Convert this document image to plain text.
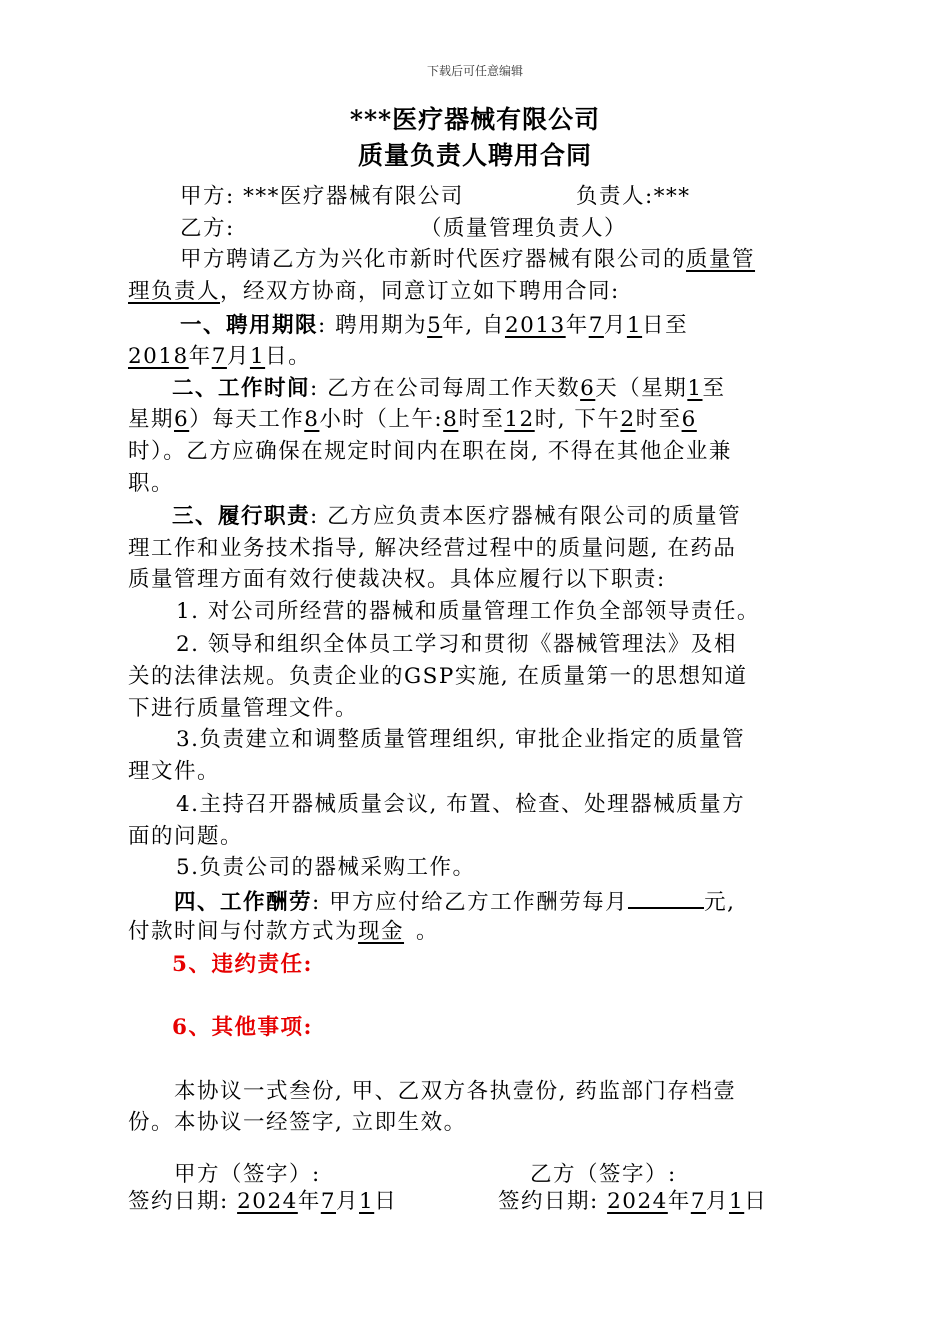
下载后可任意编辑
***医疗器械有限公司
质量负责人聘用合同
甲方: ***医疗器械有限公司	负责人:***
乙方:	（质量管理负责人）
甲方聘请乙方为兴化市新时代医疗器械有限公司的质量管
理负责人，经双方协商，同意订立如下聘用合同:
一、聘用期限: 聘用期为5年, 自2013年7月1日至
2018年7月1日。
二、工作时间: 乙方在公司每周工作天数6天（星期1至
星期6）每天工作8小时（上午:8时至12时, 下午2时至6
时）。乙方应确保在规定时间内在职在岗, 不得在其他企业兼
职。
三、履行职责: 乙方应负责本医疗器械有限公司的质量管
理工作和业务技术指导, 解决经营过程中的质量问题, 在药品
质量管理方面有效行使裁决权。具体应履行以下职责:
1. 对公司所经营的器械和质量管理工作负全部领导责任。
2. 领导和组织全体员工学习和贯彻《器械管理法》及相
关的法律法规。负责企业的GSP实施, 在质量第一的思想知道
下进行质量管理文件。
3.负责建立和调整质量管理组织, 审批企业指定的质量管
理文件。
4.主持召开器械质量会议, 布置、检查、处理器械质量方
面的问题。
5.负责公司的器械采购工作。
四、工作酬劳: 甲方应付给乙方工作酬劳每月	元,
付款时间与付款方式为现金 。
5、违约责任:
6、其他事项:
本协议一式叁份, 甲、乙双方各执壹份, 药监部门存档壹
份。本协议一经签字, 立即生效。
甲方（签字）:	乙方（签字）:
签约日期: 2024年7月1日	签约日期: 2024年7月1日
